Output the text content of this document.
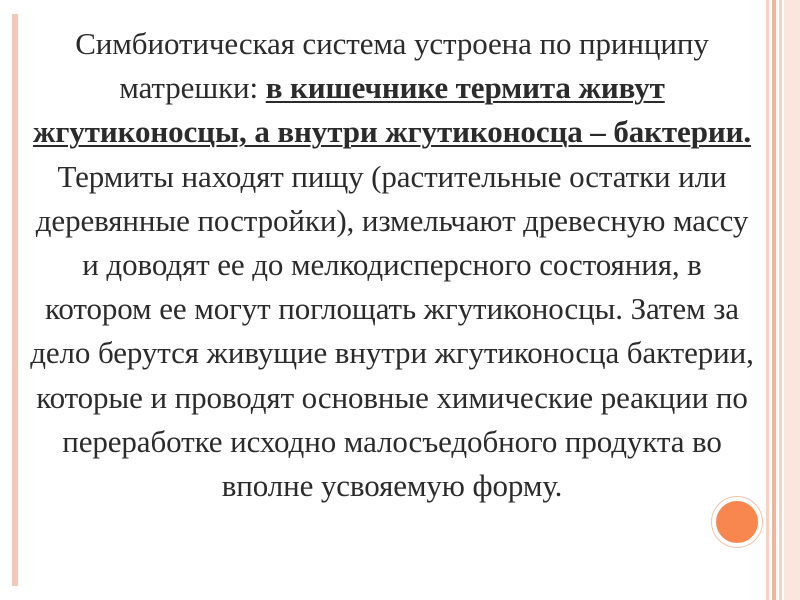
Симбиотическая система устроена по принципу матрешки: в кишечнике термита живут жгутиконосцы, а внутри жгутиконосца – бактерии. Термиты находят пищу (растительные остатки или деревянные постройки), измельчают древесную массу и доводят ее до мелкодисперсного состояния, в котором ее могут поглощать жгутиконосцы. Затем за дело берутся живущие внутри жгутиконосца бактерии, которые и проводят основные химические реакции по переработке исходно малосъедобного продукта во вполне усвояемую форму.
